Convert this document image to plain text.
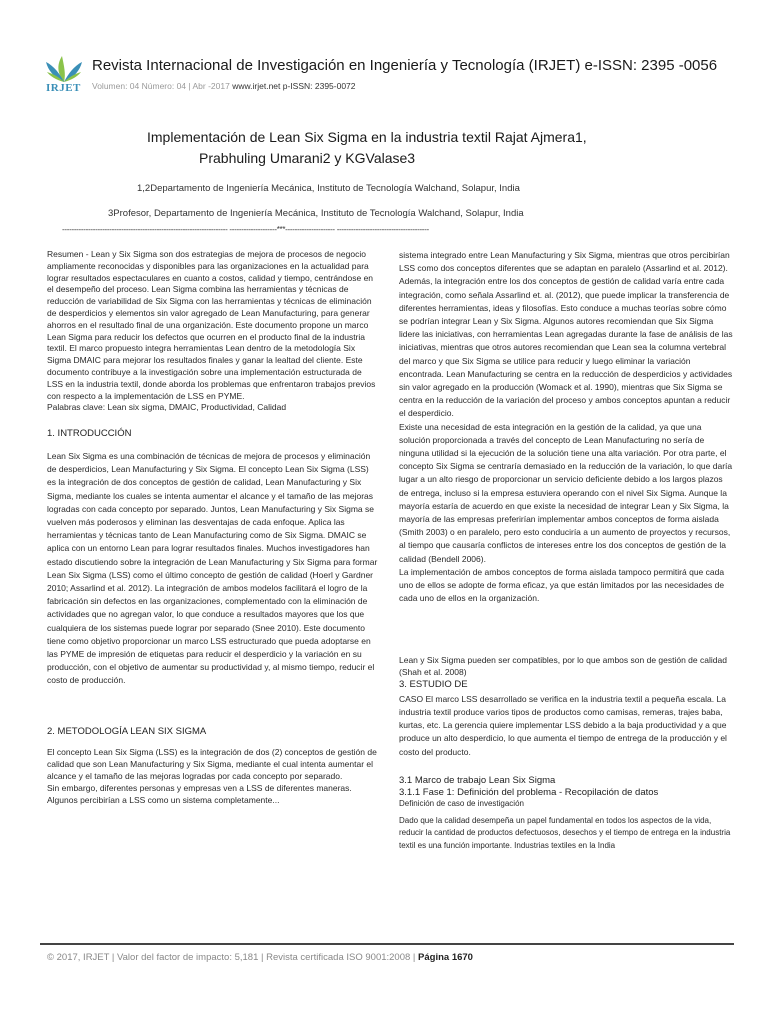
IRJET
Revista Internacional de Investigación en Ingeniería y Tecnología (IRJET) e-ISSN: 2395 -0056
Volumen: 04 Número: 04 | Abr -2017 www.irjet.net p-ISSN: 2395-0072
Implementación de Lean Six Sigma en la industria textil Rajat Ajmera1,
Prabhuling Umarani2 y KGValase3
1,2Departamento de Ingeniería Mecánica, Instituto de Tecnología Walchand, Solapur, India
3Profesor, Departamento de Ingeniería Mecánica, Instituto de Tecnología Walchand, Solapur, India
---------------------------------------------------------------------- --------------------***--------------------- ---------------------------------------

Resumen - Lean y Six Sigma son dos estrategias de mejora de procesos de negocio ampliamente reconocidas y disponibles para las organizaciones en la actualidad para lograr resultados espectaculares en cuanto a costos, calidad y tiempo, centrándose en el desempeño del proceso. Lean Sigma combina las herramientas y técnicas de reducción de variabilidad de Six Sigma con las herramientas y técnicas de eliminación de desperdicios y elementos sin valor agregado de Lean Manufacturing, para generar ahorros en el resultado final de una organización. Este documento propone un marco Lean Sigma para reducir los defectos que ocurren en el producto final de la industria textil. El marco propuesto integra herramientas Lean dentro de la metodología Six Sigma DMAIC para mejorar los resultados finales y ganar la lealtad del cliente. Este documento contribuye a la investigación sobre una implementación estructurada de LSS en la industria textil, donde aborda los problemas que enfrentaron trabajos previos con respecto a la implementación de LSS en PYME.

Palabras clave: Lean six sigma, DMAIC, Productividad, Calidad

1. INTRODUCCIÓN

Lean Six Sigma es una combinación de técnicas de mejora de procesos y eliminación de desperdicios, Lean Manufacturing y Six Sigma. El concepto Lean Six Sigma (LSS) es la integración de dos conceptos de gestión de calidad, Lean Manufacturing y Six Sigma, mediante los cuales se intenta aumentar el alcance y el tamaño de las mejoras logradas con cada concepto por separado. Juntos, Lean Manufacturing y Six Sigma se vuelven más poderosos y eliminan las desventajas de cada enfoque. Aplica las herramientas y técnicas tanto de Lean Manufacturing como de Six Sigma. DMAIC se aplica con un entorno Lean para lograr resultados finales. Muchos investigadores han estado discutiendo sobre la integración de Lean Manufacturing y Six Sigma para formar Lean Six Sigma (LSS) como el último concepto de gestión de calidad (Hoerl y Gardner 2010; Assarlind et al. 2012). La integración de ambos modelos facilitará el logro de la fabricación sin defectos en las organizaciones, complementado con la eliminación de actividades que no agregan valor, lo que conduce a resultados mayores que los que cualquiera de los sistemas puede lograr por separado (Snee 2010). Este documento tiene como objetivo proporcionar un marco LSS estructurado que pueda adoptarse en las PYME de impresión de etiquetas para reducir el desperdicio y la variación en su producción, con el objetivo de aumentar su productividad y, al mismo tiempo, reducir el costo de producción.

2. METODOLOGÍA LEAN SIX SIGMA

El concepto Lean Six Sigma (LSS) es la integración de dos (2) conceptos de gestión de calidad que son Lean Manufacturing y Six Sigma, mediante el cual intenta aumentar el alcance y el tamaño de las mejoras logradas por cada concepto por separado.

Sin embargo, diferentes personas y empresas ven a LSS de diferentes maneras. Algunos percibirían a LSS como un sistema completamente...

sistema integrado entre Lean Manufacturing y Six Sigma, mientras que otros percibirían LSS como dos conceptos diferentes que se adaptan en paralelo (Assarlind et al. 2012).

Además, la integración entre los dos conceptos de gestión de calidad varía entre cada integración, como señala Assarlind et. al. (2012), que puede implicar la transferencia de diferentes herramientas, ideas y filosofías. Esto conduce a muchas teorías sobre cómo se podrían integrar Lean y Six Sigma. Algunos autores recomiendan que Six Sigma lidere las iniciativas, con herramientas Lean agregadas durante la fase de análisis de las iniciativas, mientras que otros autores recomiendan que Lean sea la columna vertebral del marco y que Six Sigma se utilice para reducir y luego eliminar la variación encontrada. Lean Manufacturing se centra en la reducción de desperdicios y actividades sin valor agregado en la producción (Womack et al. 1990), mientras que Six Sigma se centra en la reducción de la variación del proceso y ambos conceptos apuntan a reducir el desperdicio.

Existe una necesidad de esta integración en la gestión de la calidad, ya que una solución proporcionada a través del concepto de Lean Manufacturing no sería de ninguna utilidad si la ejecución de la solución tiene una alta variación. Por otra parte, el concepto Six Sigma se centraría demasiado en la reducción de la variación, lo que daría lugar a un alto riesgo de proporcionar un servicio deficiente debido a los largos plazos de entrega, incluso si la empresa estuviera operando con el nivel Six Sigma. Aunque la mayoría estaría de acuerdo en que existe la necesidad de integrar Lean y Six Sigma, la mayoría de las empresas preferirían implementar ambos conceptos de forma aislada (Smith 2003) o en paralelo, pero esto conduciría a un aumento de proyectos y recursos, al tiempo que causaría conflictos de intereses entre los dos conceptos de gestión de la calidad (Bendell 2006).

La implementación de ambos conceptos de forma aislada tampoco permitirá que cada uno de ellos se adopte de forma eficaz, ya que están limitados por las necesidades de cada uno de ellos en la organización.

Lean y Six Sigma pueden ser compatibles, por lo que ambos son de gestión de calidad (Shah et al. 2008)

3. ESTUDIO DE

CASO El marco LSS desarrollado se verifica en la industria textil a pequeña escala. La industria textil produce varios tipos de productos como camisas, remeras, trajes baba, kurtas, etc. La gerencia quiere implementar LSS debido a la baja productividad y a que produce un alto desperdicio, lo que aumenta el tiempo de entrega de la producción y el costo del producto.

3.1 Marco de trabajo Lean Six Sigma
3.1.1 Fase 1: Definición del problema - Recopilación de datos
Definición de caso de investigación

Dado que la calidad desempeña un papel fundamental en todos los aspectos de la vida, reducir la cantidad de productos defectuosos, desechos y el tiempo de entrega en la industria textil es una función importante. Industrias textiles en la India

© 2017, IRJET | Valor del factor de impacto: 5,181 | Revista certificada ISO 9001:2008 | Página 1670
